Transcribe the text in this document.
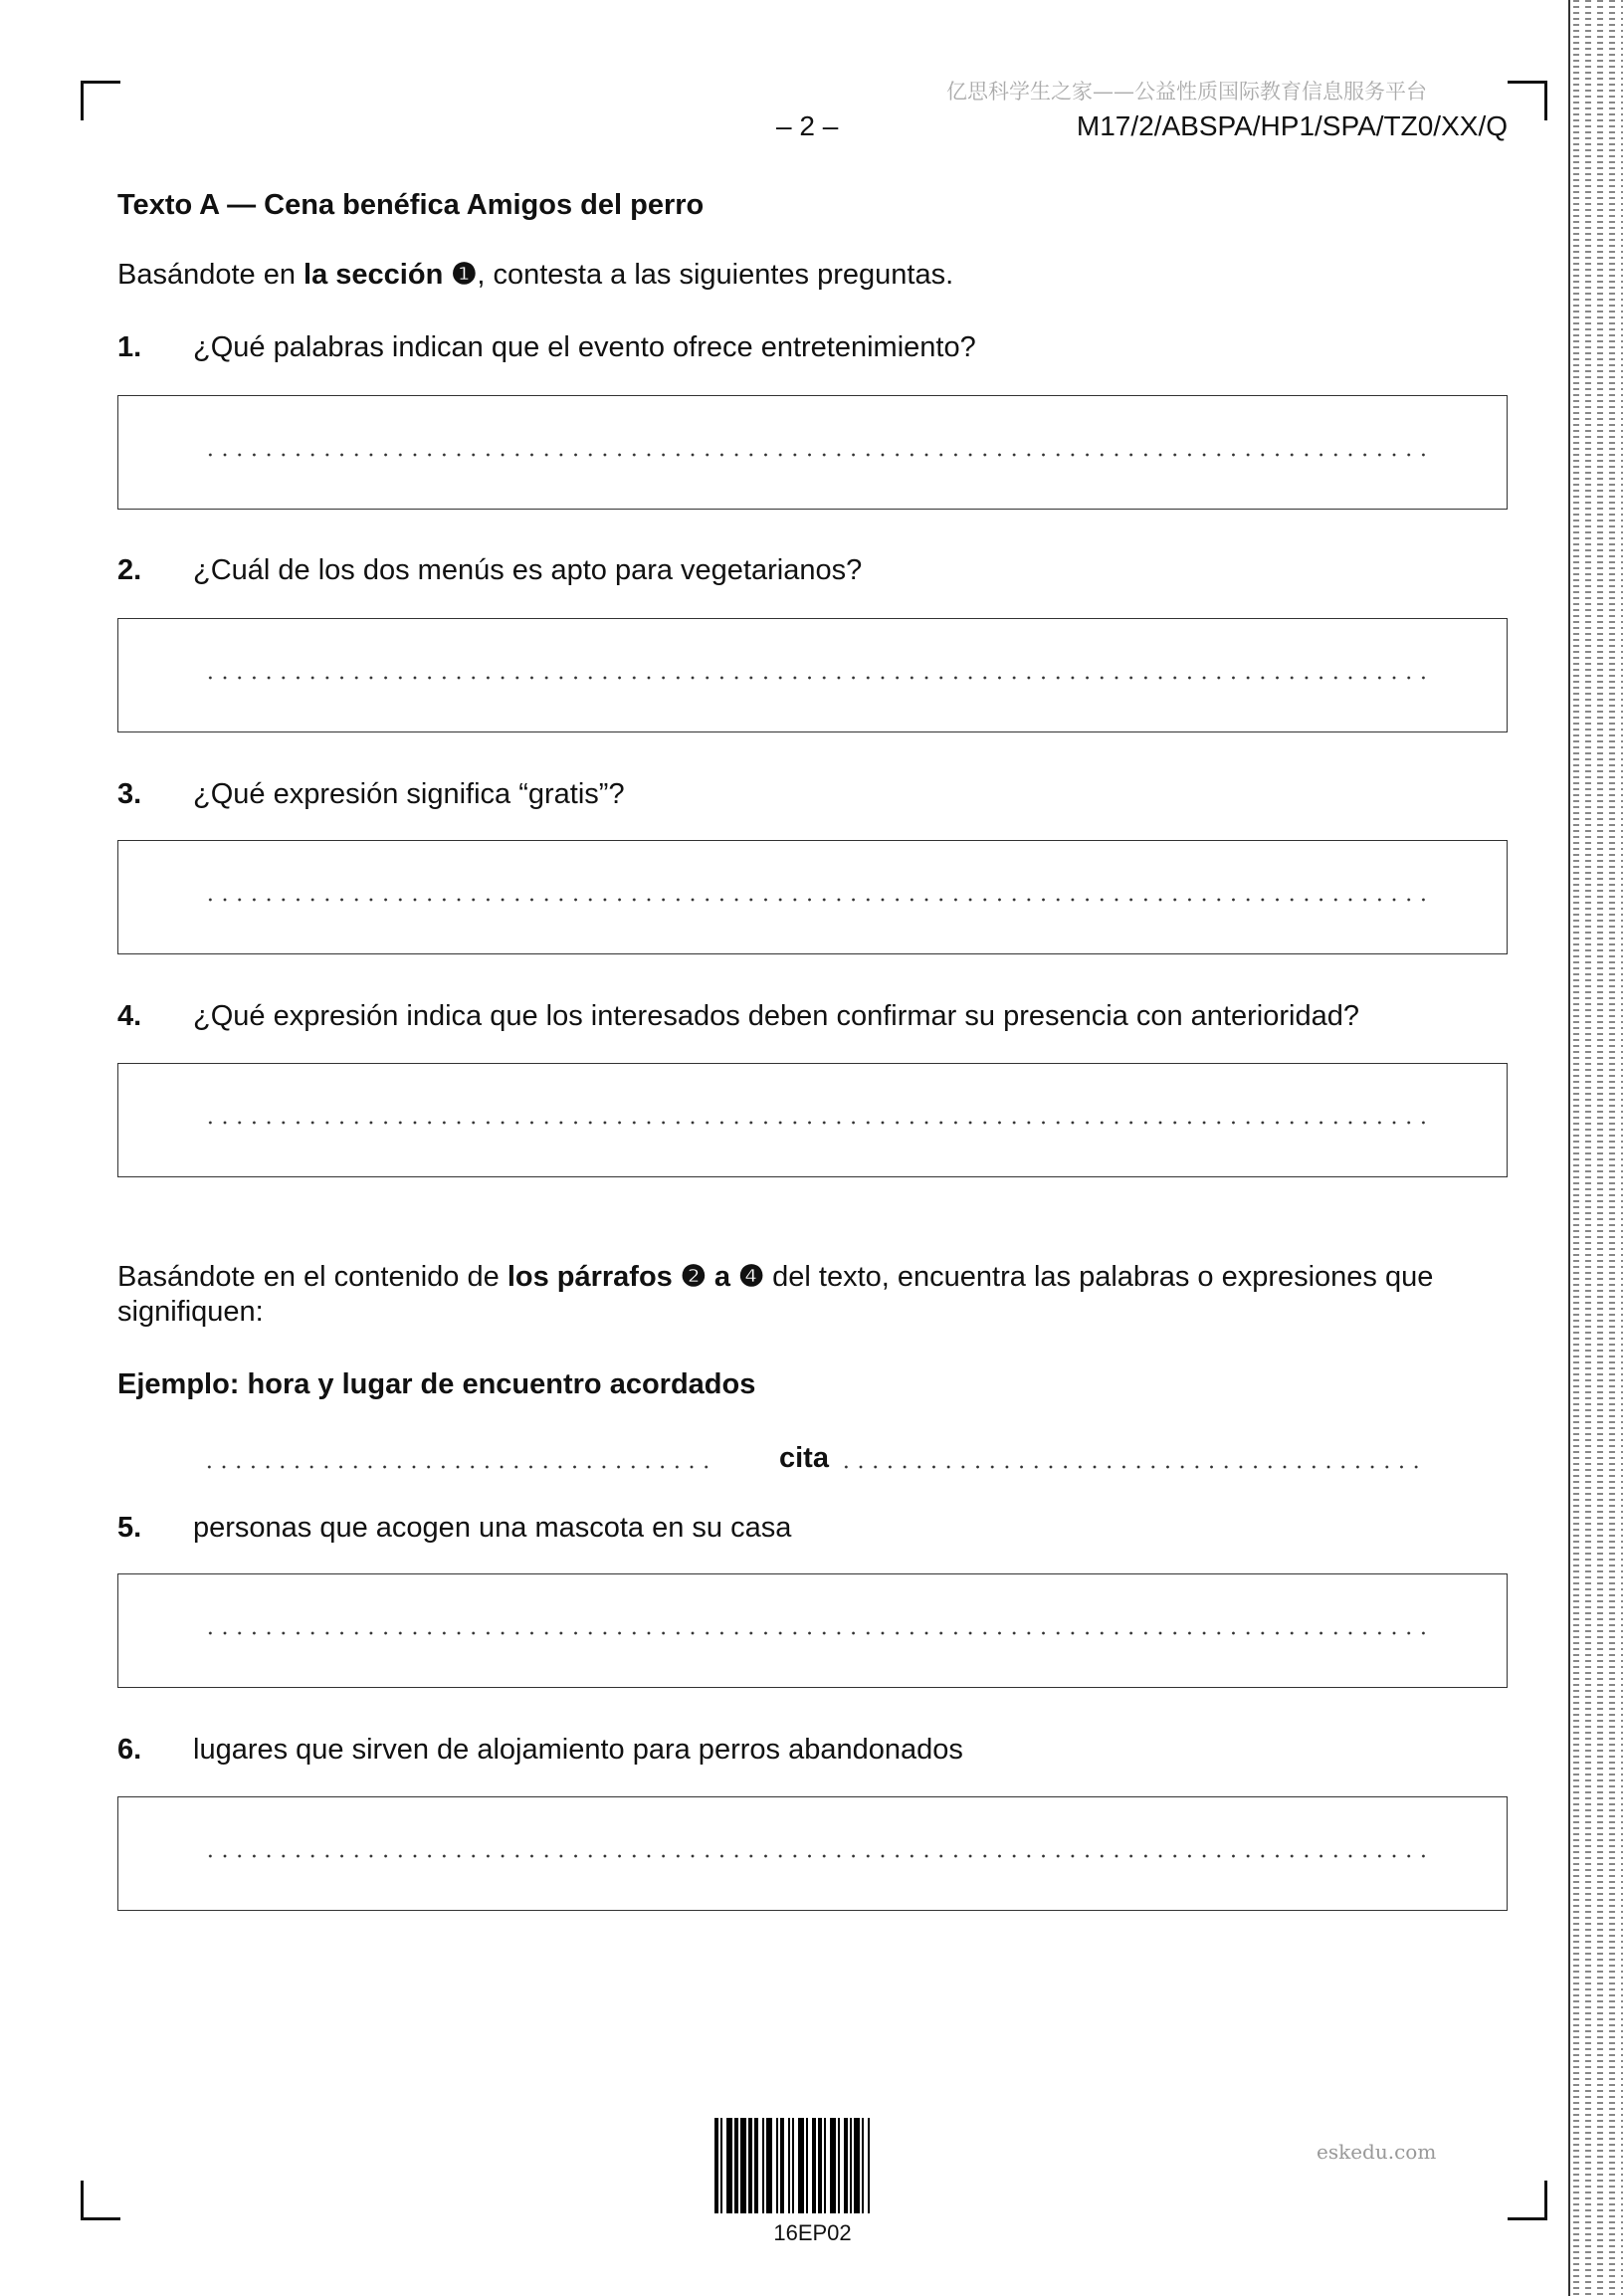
亿思科学生之家——公益性质国际教育信息服务平台
– 2 –	M17/2/ABSPA/HP1/SPA/TZ0/XX/Q
Texto A — Cena benéfica Amigos del perro
Basándote en la sección ❶, contesta a las siguientes preguntas.
1. ¿Qué palabras indican que el evento ofrece entretenimiento?
2. ¿Cuál de los dos menús es apto para vegetarianos?
3. ¿Qué expresión significa “gratis”?
4. ¿Qué expresión indica que los interesados deben confirmar su presencia con anterioridad?
Basándote en el contenido de los párrafos ❷ a ❹ del texto, encuentra las palabras o expresiones que
signifiquen:
Ejemplo: hora y lugar de encuentro acordados
cita
5. personas que acogen una mascota en su casa
6. lugares que sirven de alojamiento para perros abandonados
16EP02
eskedu.com
